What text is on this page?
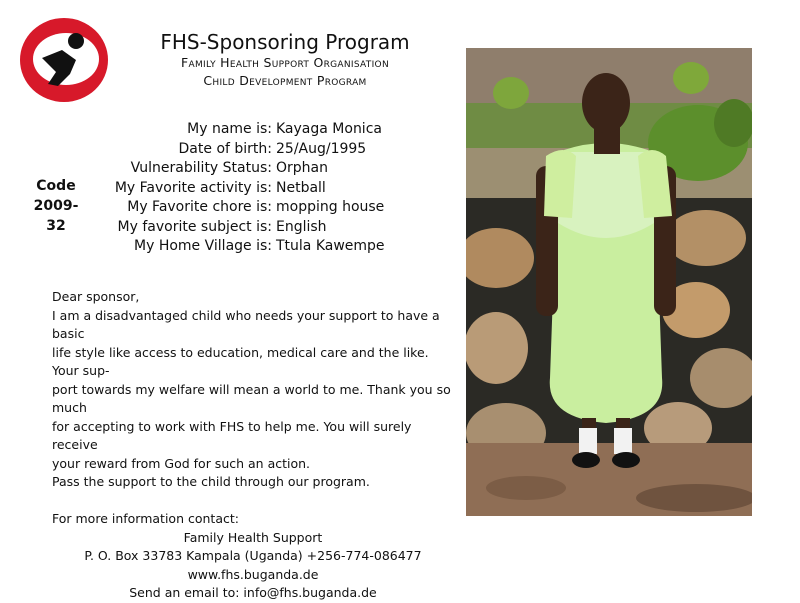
FHS-Sponsoring Program
Family Health Support Organisation
Child Development Program
Code
2009-32
My name is: Kayaga Monica
Date of birth: 25/Aug/1995
Vulnerability Status: Orphan
My Favorite activity is: Netball
My Favorite chore is: mopping house
My favorite subject is: English
My Home Village is: Ttula Kawempe

Dear sponsor,

I am a disadvantaged child who needs your support to have a basic

life style like access to education, medical care and the like. Your sup-

port towards my welfare will mean a world to me. Thank you so much

for accepting to work with FHS to help me. You will surely receive

your reward from God for such an action.

Pass the support to the child through our program.

For more information contact:

Family Health Support

P. O. Box 33783 Kampala (Uganda) +256-774-086477

www.fhs.buganda.de

Send an email to: info@fhs.buganda.de
